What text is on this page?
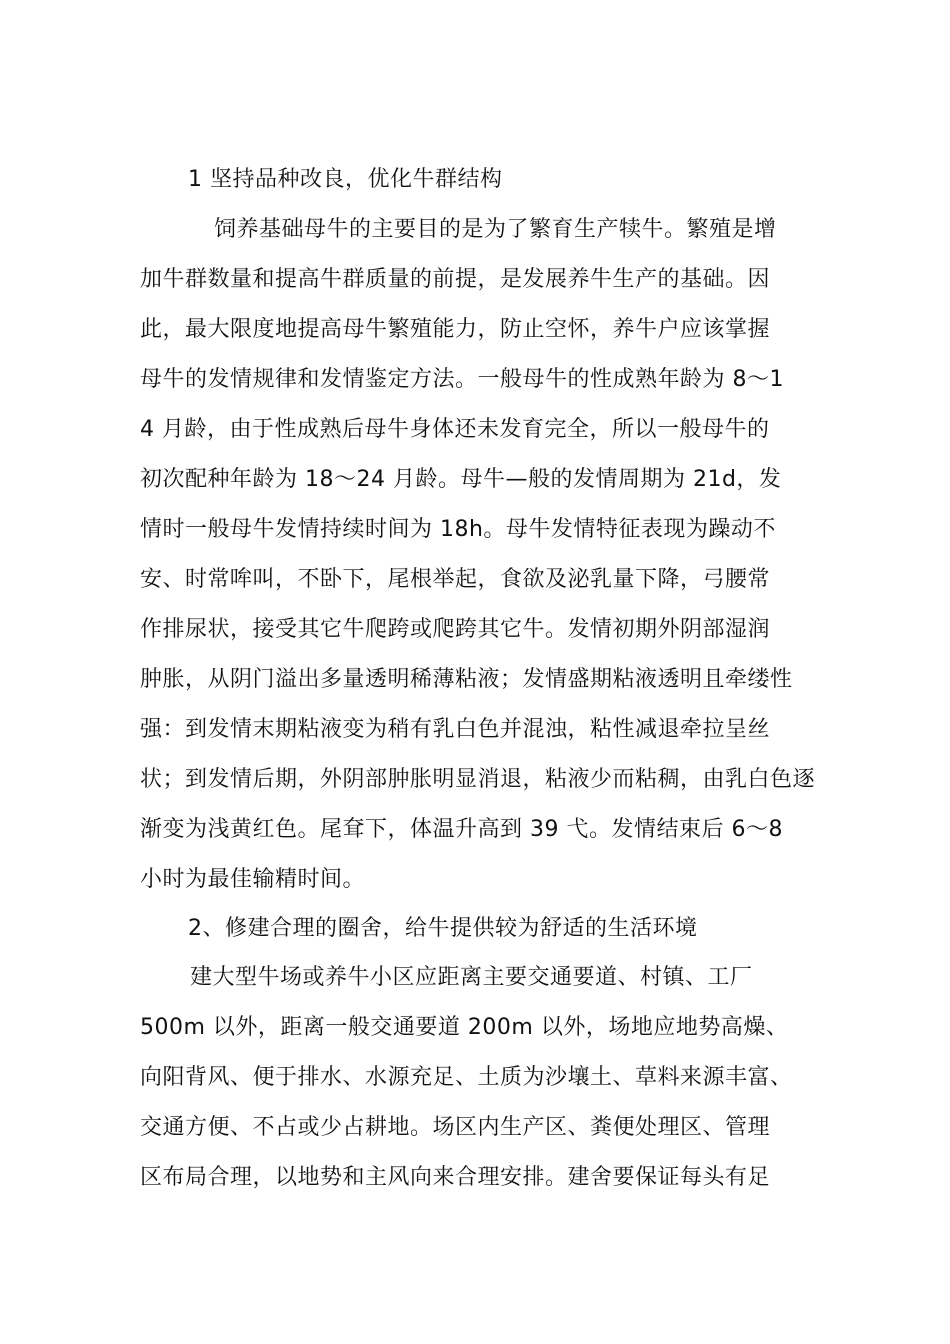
1 坚持品种改良，优化牛群结构
饲养基础母牛的主要目的是为了繁育生产犊牛。繁殖是增
加牛群数量和提高牛群质量的前提，是发展养牛生产的基础。因
此，最大限度地提高母牛繁殖能力，防止空怀，养牛户应该掌握
母牛的发情规律和发情鉴定方法。一般母牛的性成熟年龄为 8〜1
4 月龄，由于性成熟后母牛身体还未发育完全，所以一般母牛的
初次配种年龄为 18〜24 月龄。母牛—般的发情周期为 21d，发
情时一般母牛发情持续时间为 18h。母牛发情特征表现为躁动不
安、时常哞叫，不卧下，尾根举起，食欲及泌乳量下降，弓腰常
作排尿状，接受其它牛爬跨或爬跨其它牛。发情初期外阴部湿润
肿胀，从阴门溢出多量透明稀薄粘液；发情盛期粘液透明且牵缕性
强：到发情末期粘液变为稍有乳白色并混浊，粘性减退牵拉呈丝
状；到发情后期，外阴部肿胀明显消退，粘液少而粘稠，由乳白色逐
渐变为浅黄红色。尾耷下，体温升高到 39 弋。发情结束后 6〜8
小时为最佳输精时间。
2、修建合理的圈舍，给牛提供较为舒适的生活环境
建大型牛场或养牛小区应距离主要交通要道、村镇、工厂
500m 以外，距离一般交通要道 200m 以外，场地应地势高燥、
向阳背风、便于排水、水源充足、土质为沙壤土、草料来源丰富、
交通方便、不占或少占耕地。场区内生产区、粪便处理区、管理
区布局合理，以地势和主风向来合理安排。建舍要保证每头有足
